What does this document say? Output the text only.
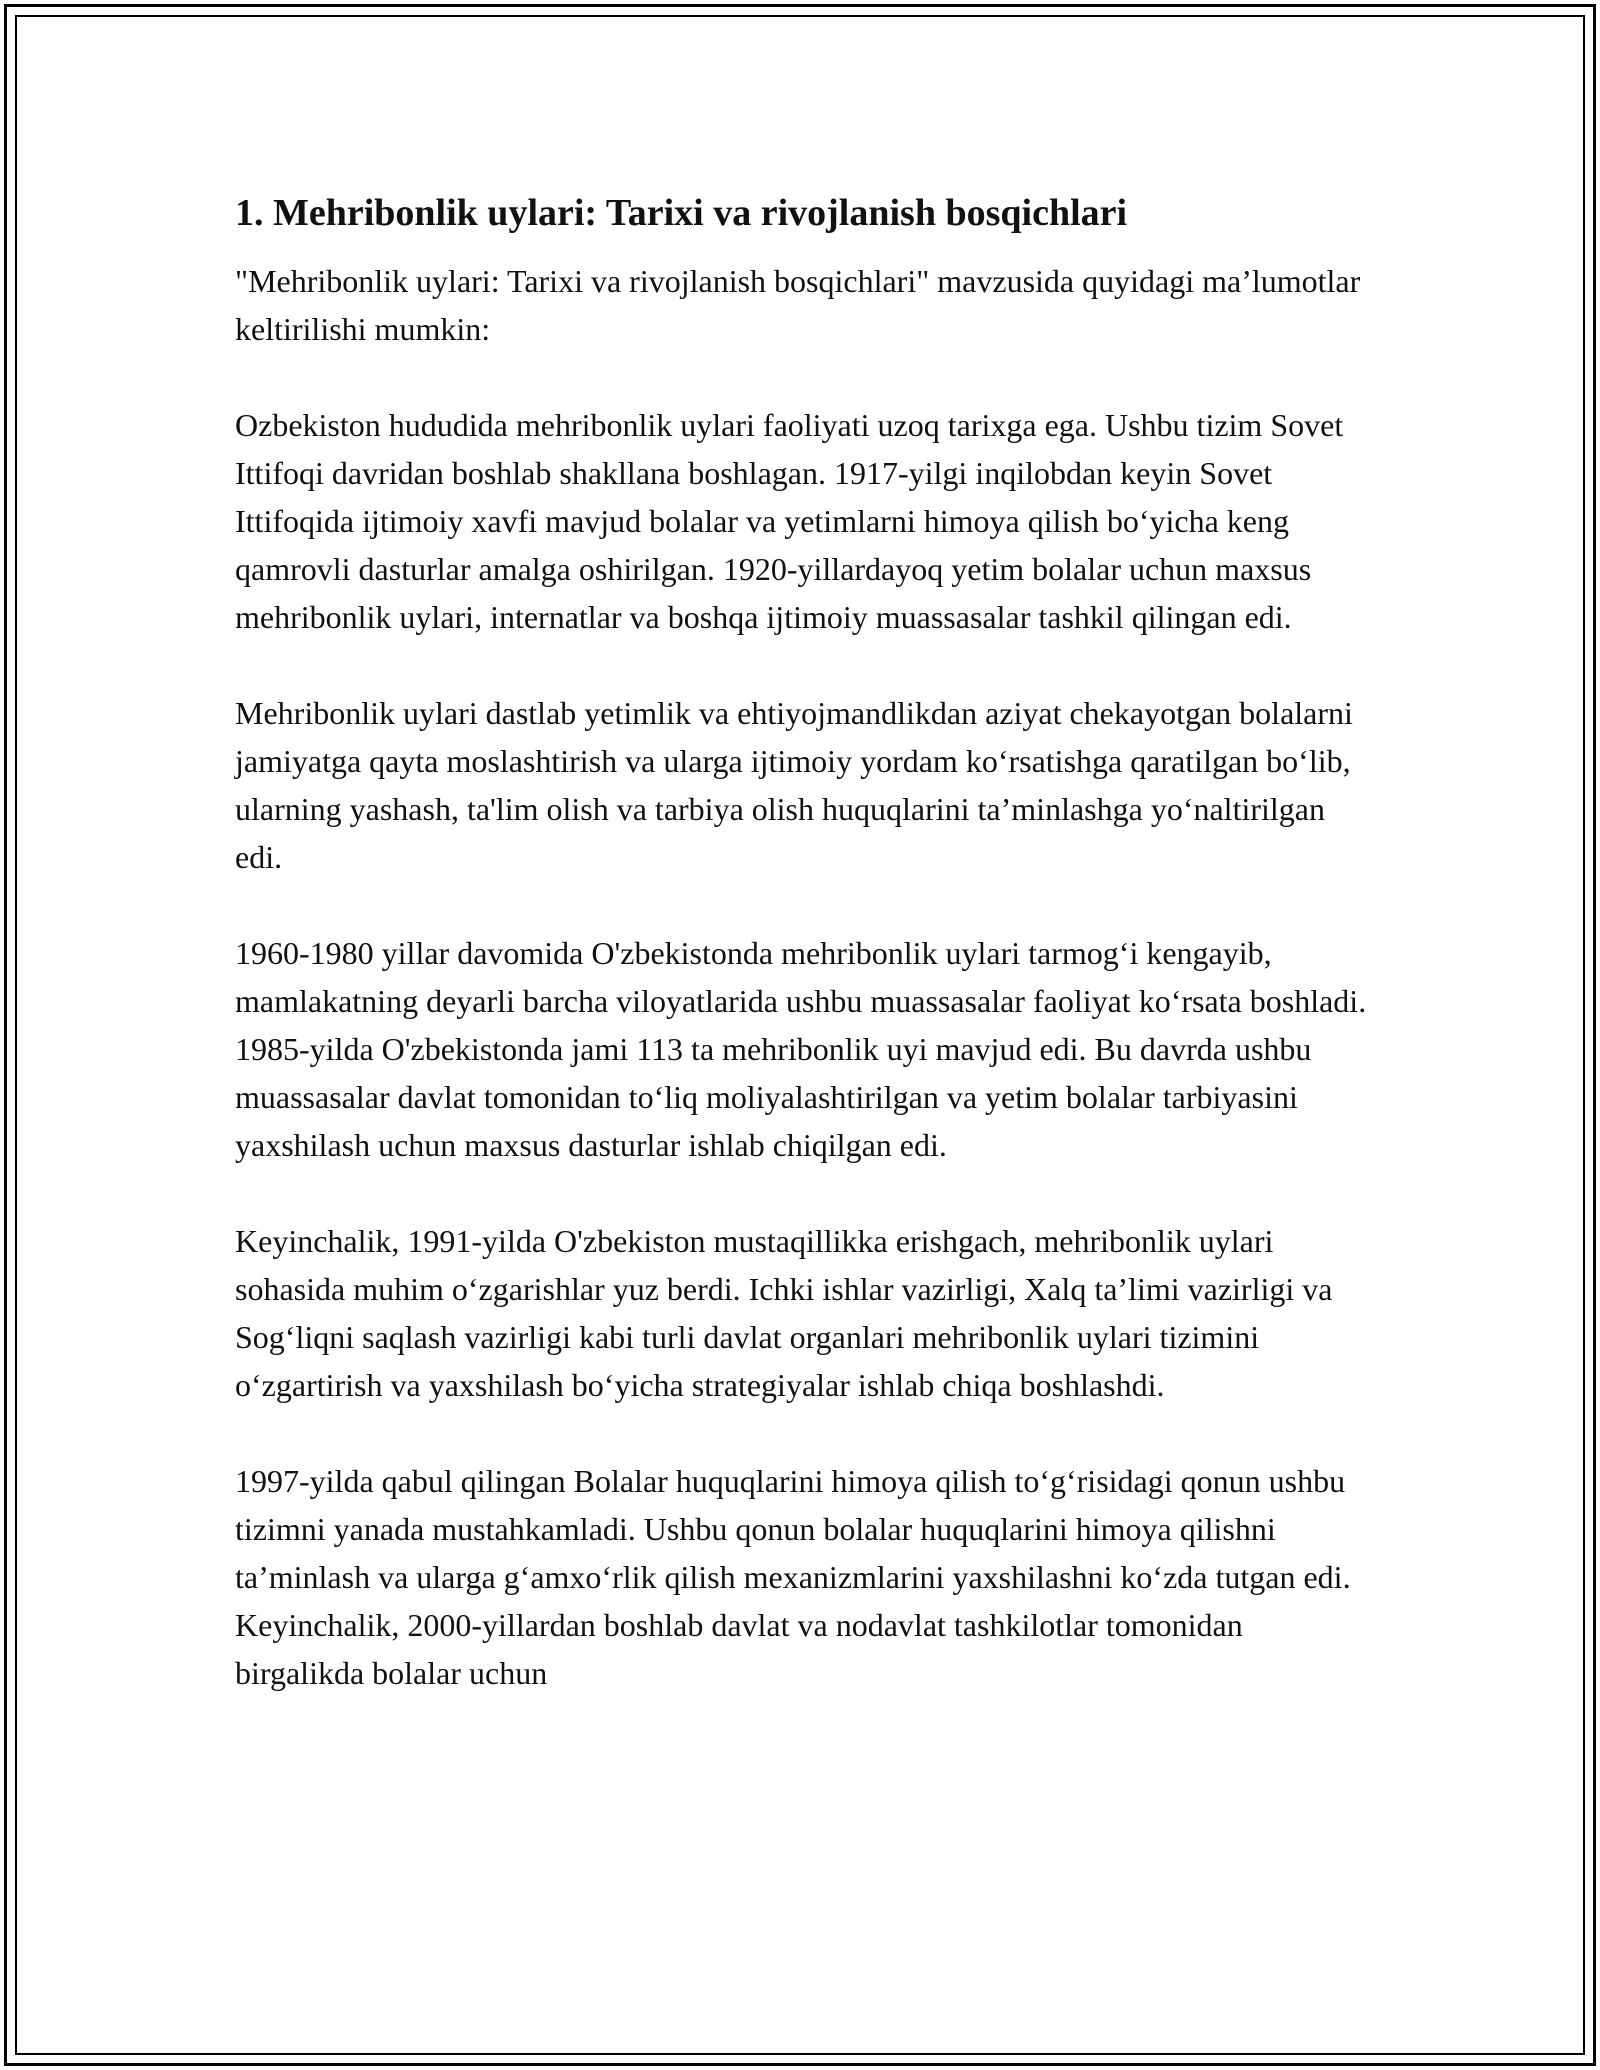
1. Mehribonlik uylari: Tarixi va rivojlanish bosqichlari

"Mehribonlik uylari: Tarixi va rivojlanish bosqichlari" mavzusida quyidagi ma’lumotlar keltirilishi mumkin:

Ozbekiston hududida mehribonlik uylari faoliyati uzoq tarixga ega. Ushbu tizim Sovet Ittifoqi davridan boshlab shakllana boshlagan. 1917-yilgi inqilobdan keyin Sovet Ittifoqida ijtimoiy xavfi mavjud bolalar va yetimlarni himoya qilish bo‘yicha keng qamrovli dasturlar amalga oshirilgan. 1920-yillardayoq yetim bolalar uchun maxsus mehribonlik uylari, internatlar va boshqa ijtimoiy muassasalar tashkil qilingan edi.

Mehribonlik uylari dastlab yetimlik va ehtiyojmandlikdan aziyat chekayotgan bolalarni jamiyatga qayta moslashtirish va ularga ijtimoiy yordam ko‘rsatishga qaratilgan bo‘lib, ularning yashash, ta'lim olish va tarbiya olish huquqlarini ta’minlashga yo‘naltirilgan edi.

1960-1980 yillar davomida O'zbekistonda mehribonlik uylari tarmog‘i kengayib, mamlakatning deyarli barcha viloyatlarida ushbu muassasalar faoliyat ko‘rsata boshladi. 1985-yilda O'zbekistonda jami 113 ta mehribonlik uyi mavjud edi. Bu davrda ushbu muassasalar davlat tomonidan to‘liq moliyalashtirilgan va yetim bolalar tarbiyasini yaxshilash uchun maxsus dasturlar ishlab chiqilgan edi.

Keyinchalik, 1991-yilda O'zbekiston mustaqillikka erishgach, mehribonlik uylari sohasida muhim o‘zgarishlar yuz berdi. Ichki ishlar vazirligi, Xalq ta’limi vazirligi va Sog‘liqni saqlash vazirligi kabi turli davlat organlari mehribonlik uylari tizimini o‘zgartirish va yaxshilash bo‘yicha strategiyalar ishlab chiqa boshlashdi.

1997-yilda qabul qilingan Bolalar huquqlarini himoya qilish to‘g‘risidagi qonun ushbu tizimni yanada mustahkamladi. Ushbu qonun bolalar huquqlarini himoya qilishni ta’minlash va ularga g‘amxo‘rlik qilish mexanizmlarini yaxshilashni ko‘zda tutgan edi. Keyinchalik, 2000-yillardan boshlab davlat va nodavlat tashkilotlar tomonidan birgalikda bolalar uchun
